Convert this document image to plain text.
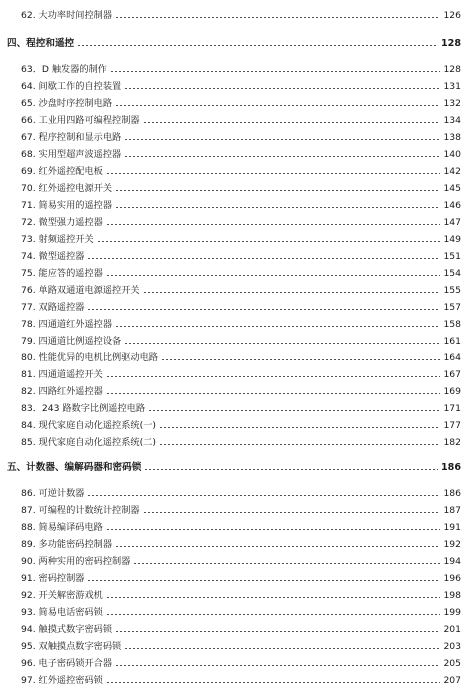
62. 大功率时间控制器	126
四、程控和遥控	128
63．D 触发器的制作	128
64. 间歇工作的自控装置	131
65. 沙盘时序控制电路	132
66. 工业用四路可编程控制器	134
67. 程序控制和显示电路	138
68. 实用型超声波遥控器	140
69. 红外遥控配电板	142
70. 红外遥控电源开关	145
71. 简易实用的遥控器	146
72. 微型强力遥控器	147
73. 射频遥控开关	149
74. 微型遥控器	151
75. 能应答的遥控器	154
76. 单路双通道电源遥控开关	155
77. 双路遥控器	157
78. 四通道红外遥控器	158
79. 四通道比例遥控设备	161
80. 性能优异的电机比例驱动电路	164
81. 四通道遥控开关	167
82. 四路红外遥控器	169
83．243 路数字比例遥控电路	171
84. 现代家庭自动化遥控系统(一)	177
85. 现代家庭自动化遥控系统(二)	182
五、计数器、编解码器和密码锁	186
86. 可逆计数器	186
87. 可编程的计数统计控制器	187
88. 简易编译码电路	191
89. 多功能密码控制器	192
90. 两种实用的密码控制器	194
91. 密码控制器	196
92. 开关解密游戏机	198
93. 简易电话密码锁	199
94. 触摸式数字密码锁	201
95. 双触摸点数字密码锁	203
96. 电子密码锁开合器	205
97. 红外遥控密码锁	207
